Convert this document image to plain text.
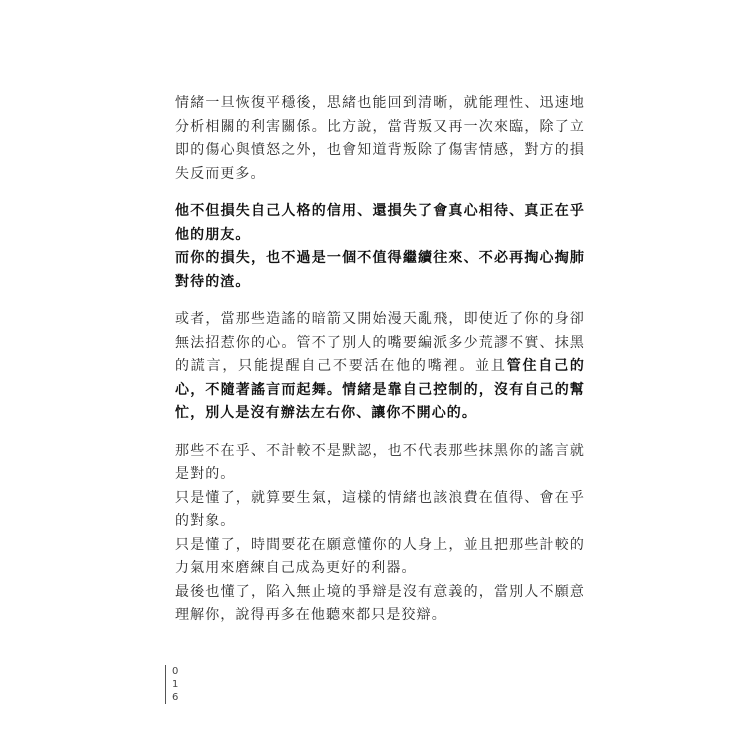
情緒一旦恢復平穩後，思緒也能回到清晰，就能理性、迅速地分析相關的利害關係。比方說，當背叛又再一次來臨，除了立即的傷心與憤怒之外，也會知道背叛除了傷害情感，對方的損失反而更多。

他不但損失自己人格的信用、還損失了會真心相待、真正在乎他的朋友。

而你的損失，也不過是一個不值得繼續往來、不必再掏心掏肺對待的渣。

或者，當那些造謠的暗箭又開始漫天亂飛，即使近了你的身卻無法招惹你的心。管不了別人的嘴要編派多少荒謬不實、抹黑的謊言，只能提醒自己不要活在他的嘴裡。並且管住自己的心，不隨著謠言而起舞。情緒是靠自己控制的，沒有自己的幫忙，別人是沒有辦法左右你、讓你不開心的。

那些不在乎、不計較不是默認，也不代表那些抹黑你的謠言就是對的。

只是懂了，就算要生氣，這樣的情緒也該浪費在值得、會在乎的對象。

只是懂了，時間要花在願意懂你的人身上，並且把那些計較的力氣用來磨練自己成為更好的利器。

最後也懂了，陷入無止境的爭辯是沒有意義的，當別人不願意理解你，說得再多在他聽來都只是狡辯。

0
1
6
